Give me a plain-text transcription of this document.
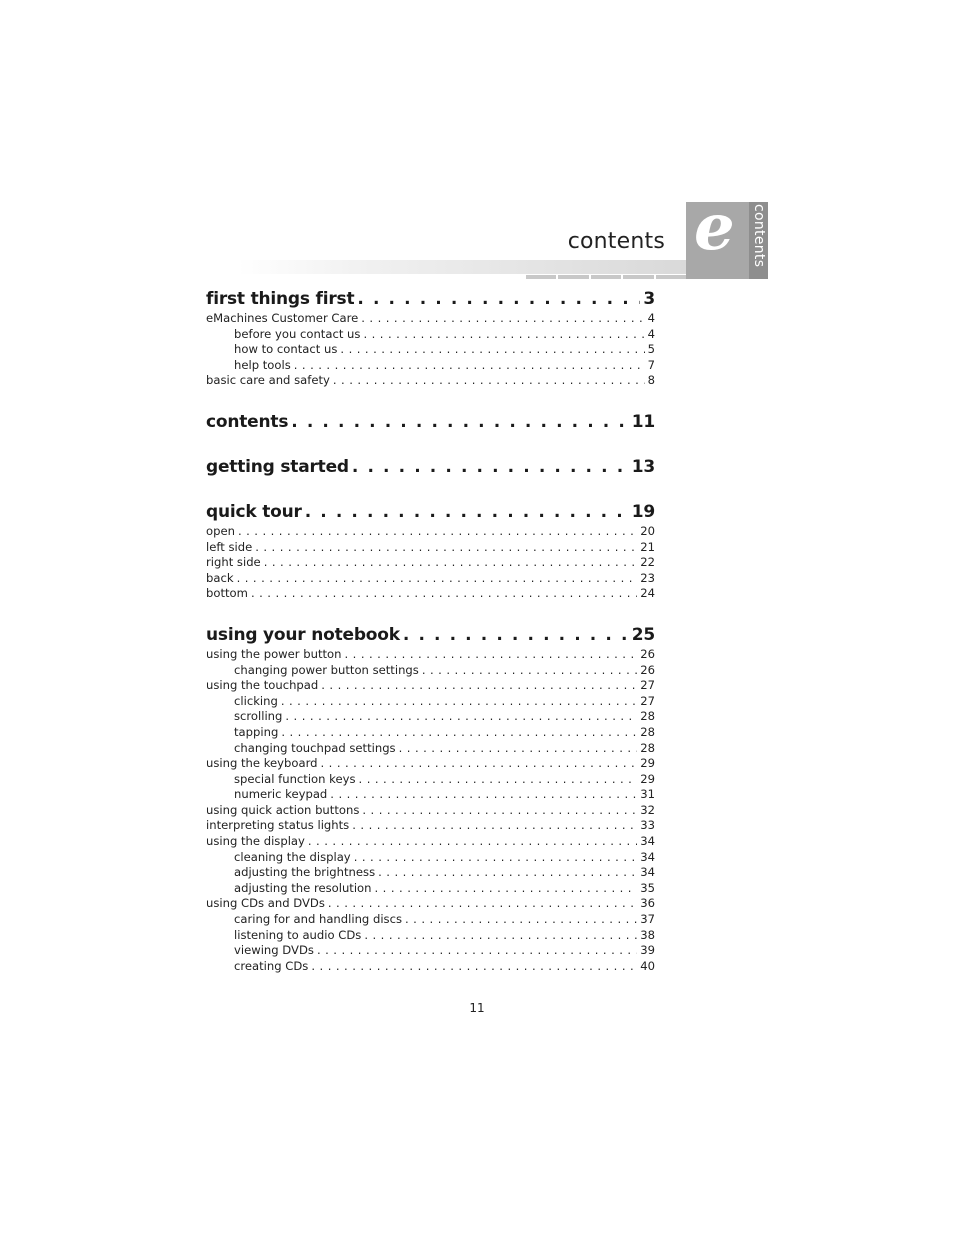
contents e contents
first things first . . .	3
eMachines Customer Care . . .	4
before you contact us . . .	4
how to contact us . . .	5
help tools . . .	7
basic care and safety . . .	8
contents . . .	11
getting started . . .	13
quick tour . . .	19
open . . .	20
left side . . .	21
right side . . .	22
back . . .	23
bottom . . .	24
using your notebook . . .	25
using the power button . . .	26
changing power button settings . . .	26
using the touchpad . . .	27
clicking . . .	27
scrolling . . .	28
tapping . . .	28
changing touchpad settings . . .	28
using the keyboard . . .	29
special function keys . . .	29
numeric keypad . . .	31
using quick action buttons . . .	32
interpreting status lights . . .	33
using the display . . .	34
cleaning the display . . .	34
adjusting the brightness . . .	34
adjusting the resolution . . .	35
using CDs and DVDs . . .	36
caring for and handling discs . . .	37
listening to audio CDs . . .	38
viewing DVDs . . .	39
creating CDs . . .	40
11
